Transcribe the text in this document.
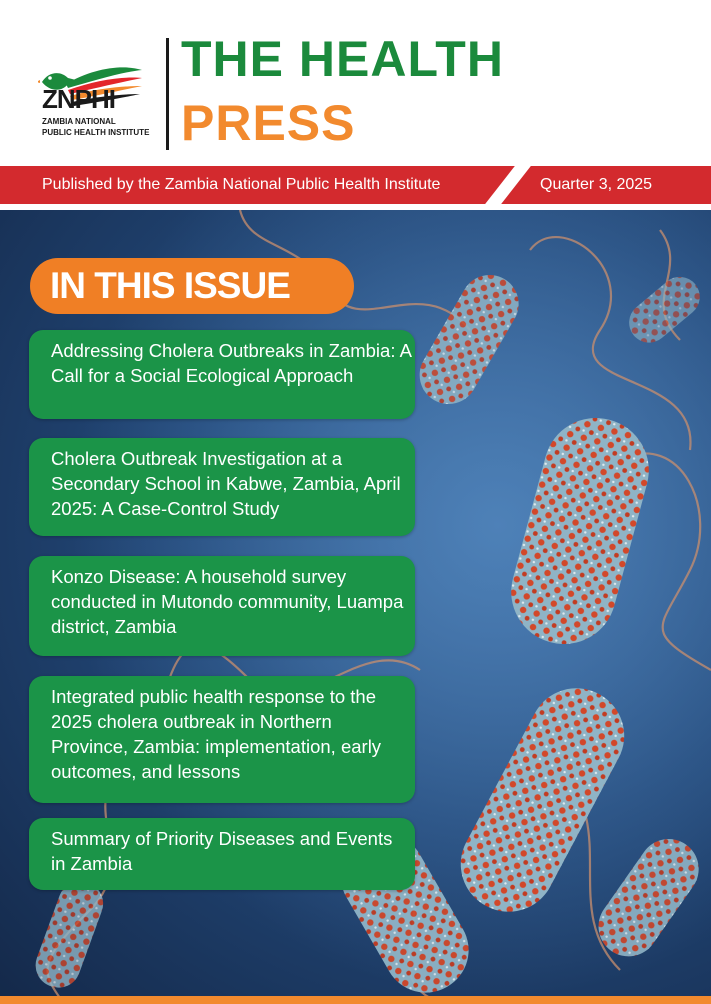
ZNPHI
ZAMBIA NATIONAL
PUBLIC HEALTH INSTITUTE
THE HEALTH
PRESS
Published by the Zambia National Public Health Institute	Quarter 3, 2025
IN THIS ISSUE
Addressing Cholera Outbreaks in Zambia: A Call for a Social Ecological Approach
Cholera Outbreak Investigation at a Secondary School in Kabwe, Zambia, April 2025: A Case-Control Study
Konzo Disease: A household survey conducted in Mutondo community, Luampa district, Zambia
Integrated public health response to the 2025 cholera outbreak in Northern Province, Zambia: implementation, early outcomes, and lessons
Summary of Priority Diseases and Events in Zambia
